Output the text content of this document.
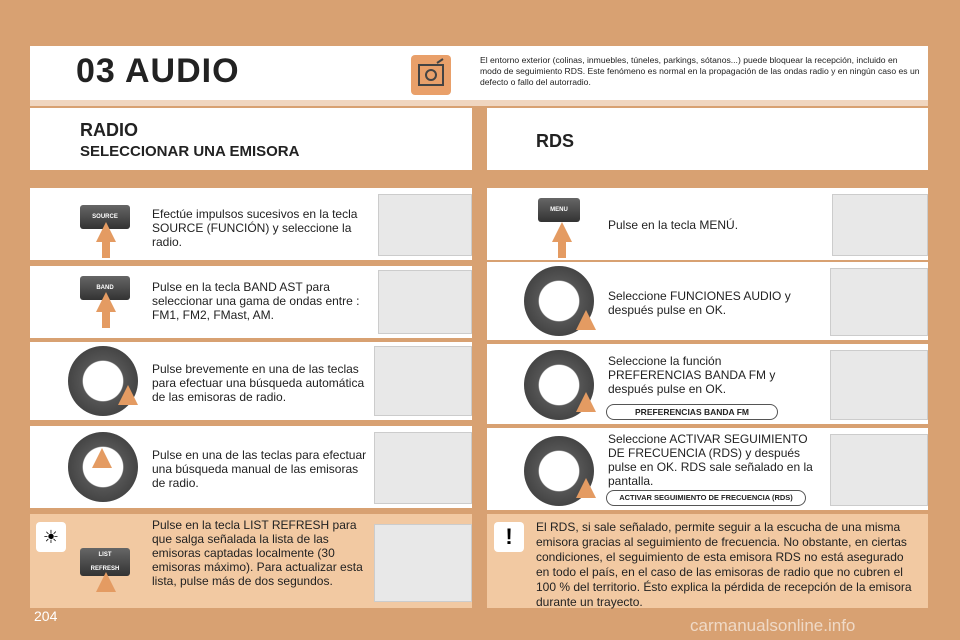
03 AUDIO	El entorno exterior (colinas, inmuebles, túneles, parkings, sótanos...) puede bloquear la recepción, incluido en modo de seguimiento RDS. Este fenómeno es normal en la propagación de las ondas radio y en ningún caso es un defecto o fallo del autorradio.
RADIO
SELECCIONAR UNA EMISORA
RDS
1	SOURCE	Efectúe impulsos sucesivos en la tecla SOURCE (FUNCIÓN) y seleccione la radio.
2	BAND	Pulse en la tecla BAND AST para seleccionar una gama de ondas entre : FM1, FM2, FMast, AM.
3	Pulse brevemente en una de las teclas para efectuar una búsqueda automática de las emisoras de radio.
4
Pulse en una de las teclas para efectuar una búsqueda manual de las emisoras de radio.
☀
LIST
REFRESH
Pulse en la tecla LIST REFRESH para que salga señalada la lista de las emisoras captadas localmente (30 emisoras máximo). Para actualizar esta lista, pulse más de dos segundos.
1	MENU
Pulse en la tecla MENÚ.
2
Seleccione FUNCIONES AUDIO y después pulse en OK.
3	Seleccione la función PREFERENCIAS BANDA FM y después pulse en OK.
PREFERENCIAS BANDA FM
4
Seleccione ACTIVAR SEGUIMIENTO DE FRECUENCIA (RDS) y después pulse en OK. RDS sale señalado en la pantalla.
ACTIVAR SEGUIMIENTO DE FRECUENCIA (RDS)
!	El RDS, si sale señalado, permite seguir a la escucha de una misma emisora gracias al seguimiento de frecuencia. No obstante, en ciertas condiciones, el seguimiento de esta emisora RDS no está asegurado en todo el país, en el caso de las emisoras de radio que no cubren el 100 % del territorio. Ésto explica la pérdida de recepción de la emisora durante un trayecto.
204	carmanualsonline.info
